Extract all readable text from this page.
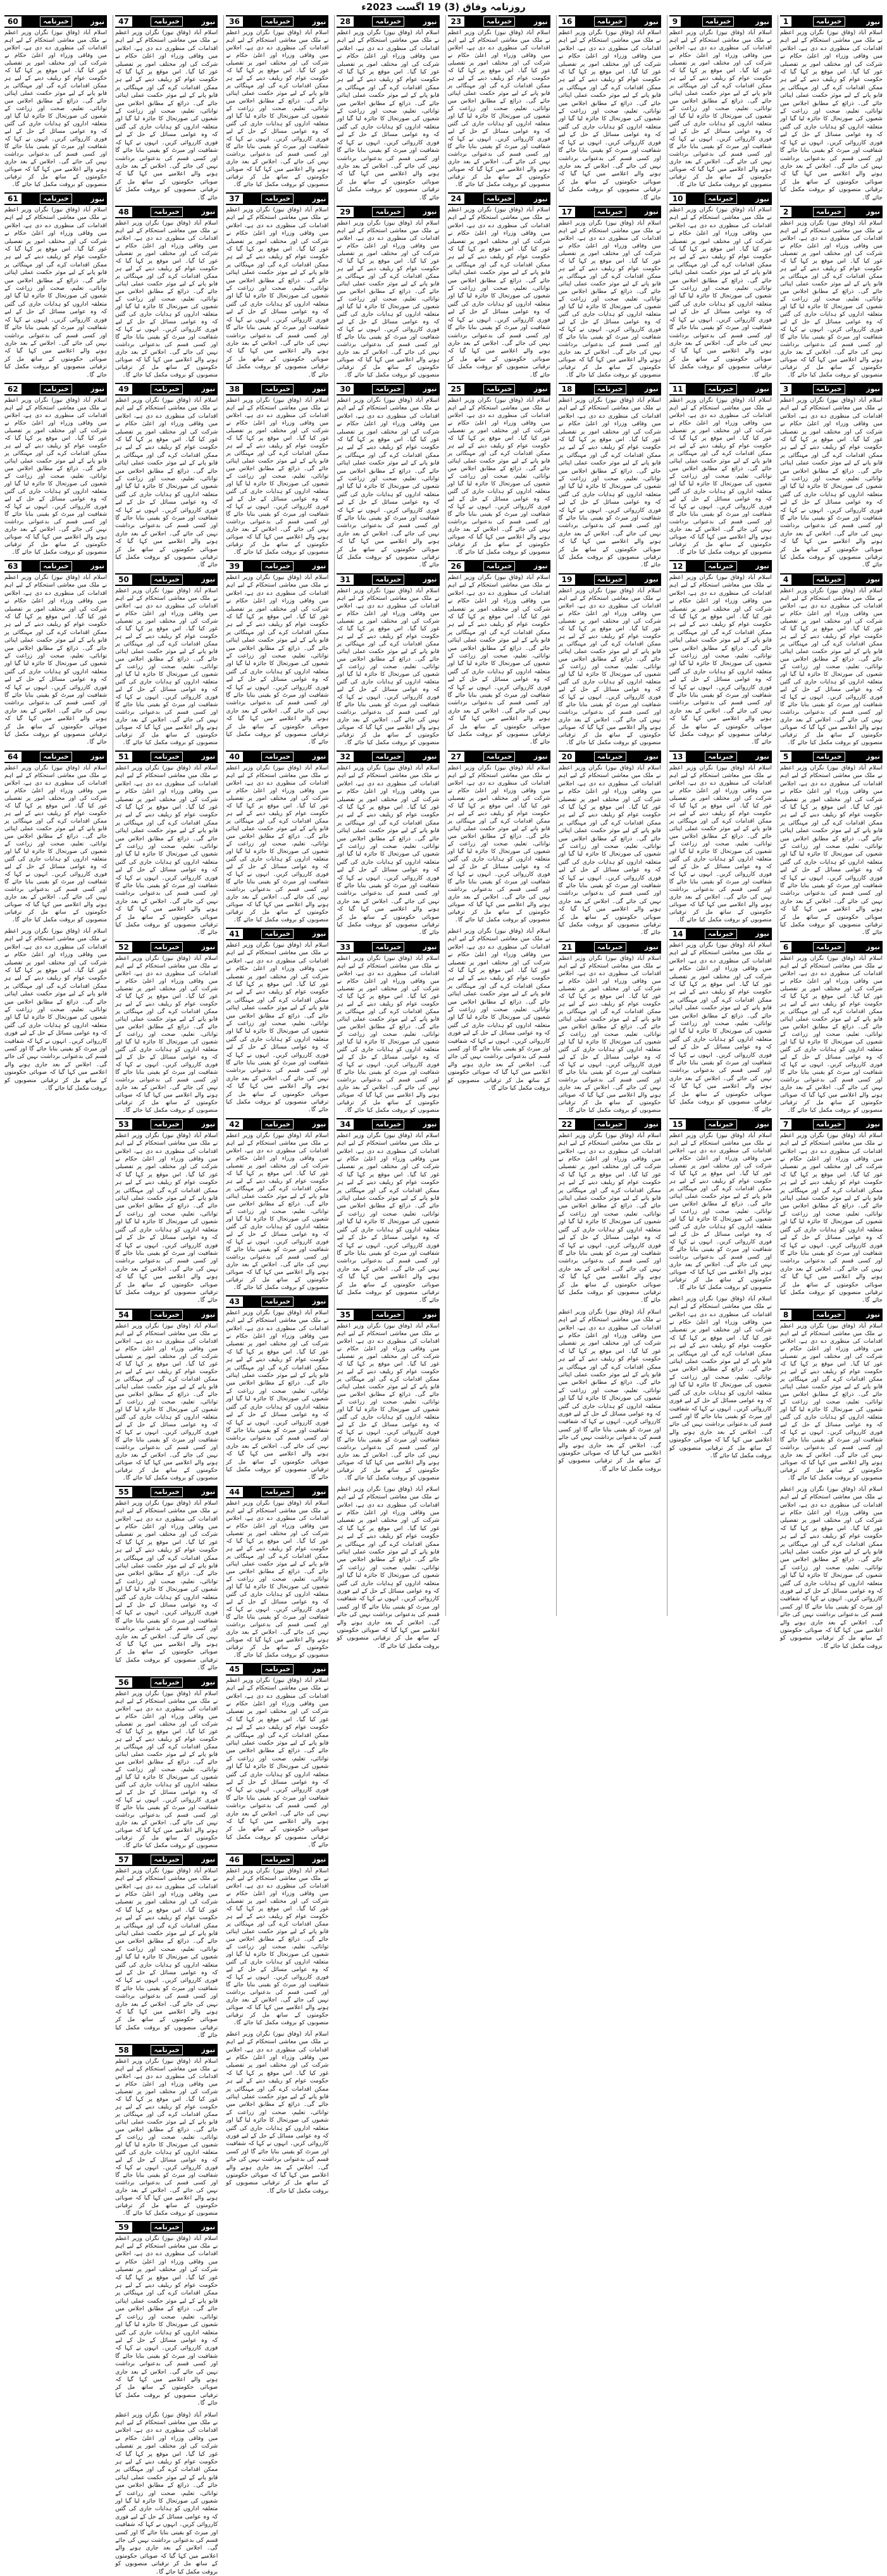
روزنامہ وفاق (3) 19 اگست 2023ء
نیوز
خبرنامہ
1
اسلام آباد (وفاق نیوز) نگران وزیر اعظم نے ملک میں معاشی استحکام کے لیے اہم اقدامات کی منظوری دے دی ہے، اجلاس میں وفاقی وزراء اور اعلیٰ حکام نے شرکت کی اور مختلف امور پر تفصیلی غور کیا گیا۔ اس موقع پر کہا گیا کہ حکومت عوام کو ریلیف دینے کے لیے ہر ممکن اقدامات کرے گی اور مہنگائی پر قابو پانے کے لیے موثر حکمت عملی اپنائی جائے گی۔ ذرائع کے مطابق اجلاس میں توانائی، تعلیم، صحت اور زراعت کے شعبوں کی صورتحال کا جائزہ لیا گیا اور متعلقہ اداروں کو ہدایات جاری کی گئیں کہ وہ عوامی مسائل کے حل کے لیے فوری کارروائی کریں۔ انہوں نے کہا کہ شفافیت اور میرٹ کو یقینی بنایا جائے گا اور کسی قسم کی بدعنوانی برداشت نہیں کی جائے گی۔ اجلاس کے بعد جاری ہونے والے اعلامیے میں کہا گیا کہ صوبائی حکومتوں کے ساتھ مل کر ترقیاتی منصوبوں کو بروقت مکمل کیا جائے گا۔
نیوز
خبرنامہ
2
اسلام آباد (وفاق نیوز) نگران وزیر اعظم نے ملک میں معاشی استحکام کے لیے اہم اقدامات کی منظوری دے دی ہے، اجلاس میں وفاقی وزراء اور اعلیٰ حکام نے شرکت کی اور مختلف امور پر تفصیلی غور کیا گیا۔ اس موقع پر کہا گیا کہ حکومت عوام کو ریلیف دینے کے لیے ہر ممکن اقدامات کرے گی اور مہنگائی پر قابو پانے کے لیے موثر حکمت عملی اپنائی جائے گی۔ ذرائع کے مطابق اجلاس میں توانائی، تعلیم، صحت اور زراعت کے شعبوں کی صورتحال کا جائزہ لیا گیا اور متعلقہ اداروں کو ہدایات جاری کی گئیں کہ وہ عوامی مسائل کے حل کے لیے فوری کارروائی کریں۔ انہوں نے کہا کہ شفافیت اور میرٹ کو یقینی بنایا جائے گا اور کسی قسم کی بدعنوانی برداشت نہیں کی جائے گی۔ اجلاس کے بعد جاری ہونے والے اعلامیے میں کہا گیا کہ صوبائی حکومتوں کے ساتھ مل کر ترقیاتی منصوبوں کو بروقت مکمل کیا جائے گا۔
نیوز
خبرنامہ
3
اسلام آباد (وفاق نیوز) نگران وزیر اعظم نے ملک میں معاشی استحکام کے لیے اہم اقدامات کی منظوری دے دی ہے، اجلاس میں وفاقی وزراء اور اعلیٰ حکام نے شرکت کی اور مختلف امور پر تفصیلی غور کیا گیا۔ اس موقع پر کہا گیا کہ حکومت عوام کو ریلیف دینے کے لیے ہر ممکن اقدامات کرے گی اور مہنگائی پر قابو پانے کے لیے موثر حکمت عملی اپنائی جائے گی۔ ذرائع کے مطابق اجلاس میں توانائی، تعلیم، صحت اور زراعت کے شعبوں کی صورتحال کا جائزہ لیا گیا اور متعلقہ اداروں کو ہدایات جاری کی گئیں کہ وہ عوامی مسائل کے حل کے لیے فوری کارروائی کریں۔ انہوں نے کہا کہ شفافیت اور میرٹ کو یقینی بنایا جائے گا اور کسی قسم کی بدعنوانی برداشت نہیں کی جائے گی۔ اجلاس کے بعد جاری ہونے والے اعلامیے میں کہا گیا کہ صوبائی حکومتوں کے ساتھ مل کر ترقیاتی منصوبوں کو بروقت مکمل کیا جائے گا۔
نیوز
خبرنامہ
4
اسلام آباد (وفاق نیوز) نگران وزیر اعظم نے ملک میں معاشی استحکام کے لیے اہم اقدامات کی منظوری دے دی ہے، اجلاس میں وفاقی وزراء اور اعلیٰ حکام نے شرکت کی اور مختلف امور پر تفصیلی غور کیا گیا۔ اس موقع پر کہا گیا کہ حکومت عوام کو ریلیف دینے کے لیے ہر ممکن اقدامات کرے گی اور مہنگائی پر قابو پانے کے لیے موثر حکمت عملی اپنائی جائے گی۔ ذرائع کے مطابق اجلاس میں توانائی، تعلیم، صحت اور زراعت کے شعبوں کی صورتحال کا جائزہ لیا گیا اور متعلقہ اداروں کو ہدایات جاری کی گئیں کہ وہ عوامی مسائل کے حل کے لیے فوری کارروائی کریں۔ انہوں نے کہا کہ شفافیت اور میرٹ کو یقینی بنایا جائے گا اور کسی قسم کی بدعنوانی برداشت نہیں کی جائے گی۔ اجلاس کے بعد جاری ہونے والے اعلامیے میں کہا گیا کہ صوبائی حکومتوں کے ساتھ مل کر ترقیاتی منصوبوں کو بروقت مکمل کیا جائے گا۔
نیوز
خبرنامہ
5
اسلام آباد (وفاق نیوز) نگران وزیر اعظم نے ملک میں معاشی استحکام کے لیے اہم اقدامات کی منظوری دے دی ہے، اجلاس میں وفاقی وزراء اور اعلیٰ حکام نے شرکت کی اور مختلف امور پر تفصیلی غور کیا گیا۔ اس موقع پر کہا گیا کہ حکومت عوام کو ریلیف دینے کے لیے ہر ممکن اقدامات کرے گی اور مہنگائی پر قابو پانے کے لیے موثر حکمت عملی اپنائی جائے گی۔ ذرائع کے مطابق اجلاس میں توانائی، تعلیم، صحت اور زراعت کے شعبوں کی صورتحال کا جائزہ لیا گیا اور متعلقہ اداروں کو ہدایات جاری کی گئیں کہ وہ عوامی مسائل کے حل کے لیے فوری کارروائی کریں۔ انہوں نے کہا کہ شفافیت اور میرٹ کو یقینی بنایا جائے گا اور کسی قسم کی بدعنوانی برداشت نہیں کی جائے گی۔ اجلاس کے بعد جاری ہونے والے اعلامیے میں کہا گیا کہ صوبائی حکومتوں کے ساتھ مل کر ترقیاتی منصوبوں کو بروقت مکمل کیا جائے گا۔
نیوز
خبرنامہ
6
اسلام آباد (وفاق نیوز) نگران وزیر اعظم نے ملک میں معاشی استحکام کے لیے اہم اقدامات کی منظوری دے دی ہے، اجلاس میں وفاقی وزراء اور اعلیٰ حکام نے شرکت کی اور مختلف امور پر تفصیلی غور کیا گیا۔ اس موقع پر کہا گیا کہ حکومت عوام کو ریلیف دینے کے لیے ہر ممکن اقدامات کرے گی اور مہنگائی پر قابو پانے کے لیے موثر حکمت عملی اپنائی جائے گی۔ ذرائع کے مطابق اجلاس میں توانائی، تعلیم، صحت اور زراعت کے شعبوں کی صورتحال کا جائزہ لیا گیا اور متعلقہ اداروں کو ہدایات جاری کی گئیں کہ وہ عوامی مسائل کے حل کے لیے فوری کارروائی کریں۔ انہوں نے کہا کہ شفافیت اور میرٹ کو یقینی بنایا جائے گا اور کسی قسم کی بدعنوانی برداشت نہیں کی جائے گی۔ اجلاس کے بعد جاری ہونے والے اعلامیے میں کہا گیا کہ صوبائی حکومتوں کے ساتھ مل کر ترقیاتی منصوبوں کو بروقت مکمل کیا جائے گا۔
نیوز
خبرنامہ
7
اسلام آباد (وفاق نیوز) نگران وزیر اعظم نے ملک میں معاشی استحکام کے لیے اہم اقدامات کی منظوری دے دی ہے، اجلاس میں وفاقی وزراء اور اعلیٰ حکام نے شرکت کی اور مختلف امور پر تفصیلی غور کیا گیا۔ اس موقع پر کہا گیا کہ حکومت عوام کو ریلیف دینے کے لیے ہر ممکن اقدامات کرے گی اور مہنگائی پر قابو پانے کے لیے موثر حکمت عملی اپنائی جائے گی۔ ذرائع کے مطابق اجلاس میں توانائی، تعلیم، صحت اور زراعت کے شعبوں کی صورتحال کا جائزہ لیا گیا اور متعلقہ اداروں کو ہدایات جاری کی گئیں کہ وہ عوامی مسائل کے حل کے لیے فوری کارروائی کریں۔ انہوں نے کہا کہ شفافیت اور میرٹ کو یقینی بنایا جائے گا اور کسی قسم کی بدعنوانی برداشت نہیں کی جائے گی۔ اجلاس کے بعد جاری ہونے والے اعلامیے میں کہا گیا کہ صوبائی حکومتوں کے ساتھ مل کر ترقیاتی منصوبوں کو بروقت مکمل کیا جائے گا۔
نیوز
خبرنامہ
8
اسلام آباد (وفاق نیوز) نگران وزیر اعظم نے ملک میں معاشی استحکام کے لیے اہم اقدامات کی منظوری دے دی ہے، اجلاس میں وفاقی وزراء اور اعلیٰ حکام نے شرکت کی اور مختلف امور پر تفصیلی غور کیا گیا۔ اس موقع پر کہا گیا کہ حکومت عوام کو ریلیف دینے کے لیے ہر ممکن اقدامات کرے گی اور مہنگائی پر قابو پانے کے لیے موثر حکمت عملی اپنائی جائے گی۔ ذرائع کے مطابق اجلاس میں توانائی، تعلیم، صحت اور زراعت کے شعبوں کی صورتحال کا جائزہ لیا گیا اور متعلقہ اداروں کو ہدایات جاری کی گئیں کہ وہ عوامی مسائل کے حل کے لیے فوری کارروائی کریں۔ انہوں نے کہا کہ شفافیت اور میرٹ کو یقینی بنایا جائے گا اور کسی قسم کی بدعنوانی برداشت نہیں کی جائے گی۔ اجلاس کے بعد جاری ہونے والے اعلامیے میں کہا گیا کہ صوبائی حکومتوں کے ساتھ مل کر ترقیاتی منصوبوں کو بروقت مکمل کیا جائے گا۔
اسلام آباد (وفاق نیوز) نگران وزیر اعظم نے ملک میں معاشی استحکام کے لیے اہم اقدامات کی منظوری دے دی ہے، اجلاس میں وفاقی وزراء اور اعلیٰ حکام نے شرکت کی اور مختلف امور پر تفصیلی غور کیا گیا۔ اس موقع پر کہا گیا کہ حکومت عوام کو ریلیف دینے کے لیے ہر ممکن اقدامات کرے گی اور مہنگائی پر قابو پانے کے لیے موثر حکمت عملی اپنائی جائے گی۔ ذرائع کے مطابق اجلاس میں توانائی، تعلیم، صحت اور زراعت کے شعبوں کی صورتحال کا جائزہ لیا گیا اور متعلقہ اداروں کو ہدایات جاری کی گئیں کہ وہ عوامی مسائل کے حل کے لیے فوری کارروائی کریں۔ انہوں نے کہا کہ شفافیت اور میرٹ کو یقینی بنایا جائے گا اور کسی قسم کی بدعنوانی برداشت نہیں کی جائے گی۔ اجلاس کے بعد جاری ہونے والے اعلامیے میں کہا گیا کہ صوبائی حکومتوں کے ساتھ مل کر ترقیاتی منصوبوں کو بروقت مکمل کیا جائے گا۔
نیوز
خبرنامہ
9
اسلام آباد (وفاق نیوز) نگران وزیر اعظم نے ملک میں معاشی استحکام کے لیے اہم اقدامات کی منظوری دے دی ہے، اجلاس میں وفاقی وزراء اور اعلیٰ حکام نے شرکت کی اور مختلف امور پر تفصیلی غور کیا گیا۔ اس موقع پر کہا گیا کہ حکومت عوام کو ریلیف دینے کے لیے ہر ممکن اقدامات کرے گی اور مہنگائی پر قابو پانے کے لیے موثر حکمت عملی اپنائی جائے گی۔ ذرائع کے مطابق اجلاس میں توانائی، تعلیم، صحت اور زراعت کے شعبوں کی صورتحال کا جائزہ لیا گیا اور متعلقہ اداروں کو ہدایات جاری کی گئیں کہ وہ عوامی مسائل کے حل کے لیے فوری کارروائی کریں۔ انہوں نے کہا کہ شفافیت اور میرٹ کو یقینی بنایا جائے گا اور کسی قسم کی بدعنوانی برداشت نہیں کی جائے گی۔ اجلاس کے بعد جاری ہونے والے اعلامیے میں کہا گیا کہ صوبائی حکومتوں کے ساتھ مل کر ترقیاتی منصوبوں کو بروقت مکمل کیا جائے گا۔
نیوز
خبرنامہ
10
اسلام آباد (وفاق نیوز) نگران وزیر اعظم نے ملک میں معاشی استحکام کے لیے اہم اقدامات کی منظوری دے دی ہے، اجلاس میں وفاقی وزراء اور اعلیٰ حکام نے شرکت کی اور مختلف امور پر تفصیلی غور کیا گیا۔ اس موقع پر کہا گیا کہ حکومت عوام کو ریلیف دینے کے لیے ہر ممکن اقدامات کرے گی اور مہنگائی پر قابو پانے کے لیے موثر حکمت عملی اپنائی جائے گی۔ ذرائع کے مطابق اجلاس میں توانائی، تعلیم، صحت اور زراعت کے شعبوں کی صورتحال کا جائزہ لیا گیا اور متعلقہ اداروں کو ہدایات جاری کی گئیں کہ وہ عوامی مسائل کے حل کے لیے فوری کارروائی کریں۔ انہوں نے کہا کہ شفافیت اور میرٹ کو یقینی بنایا جائے گا اور کسی قسم کی بدعنوانی برداشت نہیں کی جائے گی۔ اجلاس کے بعد جاری ہونے والے اعلامیے میں کہا گیا کہ صوبائی حکومتوں کے ساتھ مل کر ترقیاتی منصوبوں کو بروقت مکمل کیا جائے گا۔
نیوز
خبرنامہ
11
اسلام آباد (وفاق نیوز) نگران وزیر اعظم نے ملک میں معاشی استحکام کے لیے اہم اقدامات کی منظوری دے دی ہے، اجلاس میں وفاقی وزراء اور اعلیٰ حکام نے شرکت کی اور مختلف امور پر تفصیلی غور کیا گیا۔ اس موقع پر کہا گیا کہ حکومت عوام کو ریلیف دینے کے لیے ہر ممکن اقدامات کرے گی اور مہنگائی پر قابو پانے کے لیے موثر حکمت عملی اپنائی جائے گی۔ ذرائع کے مطابق اجلاس میں توانائی، تعلیم، صحت اور زراعت کے شعبوں کی صورتحال کا جائزہ لیا گیا اور متعلقہ اداروں کو ہدایات جاری کی گئیں کہ وہ عوامی مسائل کے حل کے لیے فوری کارروائی کریں۔ انہوں نے کہا کہ شفافیت اور میرٹ کو یقینی بنایا جائے گا اور کسی قسم کی بدعنوانی برداشت نہیں کی جائے گی۔ اجلاس کے بعد جاری ہونے والے اعلامیے میں کہا گیا کہ صوبائی حکومتوں کے ساتھ مل کر ترقیاتی منصوبوں کو بروقت مکمل کیا جائے گا۔
نیوز
خبرنامہ
12
اسلام آباد (وفاق نیوز) نگران وزیر اعظم نے ملک میں معاشی استحکام کے لیے اہم اقدامات کی منظوری دے دی ہے، اجلاس میں وفاقی وزراء اور اعلیٰ حکام نے شرکت کی اور مختلف امور پر تفصیلی غور کیا گیا۔ اس موقع پر کہا گیا کہ حکومت عوام کو ریلیف دینے کے لیے ہر ممکن اقدامات کرے گی اور مہنگائی پر قابو پانے کے لیے موثر حکمت عملی اپنائی جائے گی۔ ذرائع کے مطابق اجلاس میں توانائی، تعلیم، صحت اور زراعت کے شعبوں کی صورتحال کا جائزہ لیا گیا اور متعلقہ اداروں کو ہدایات جاری کی گئیں کہ وہ عوامی مسائل کے حل کے لیے فوری کارروائی کریں۔ انہوں نے کہا کہ شفافیت اور میرٹ کو یقینی بنایا جائے گا اور کسی قسم کی بدعنوانی برداشت نہیں کی جائے گی۔ اجلاس کے بعد جاری ہونے والے اعلامیے میں کہا گیا کہ صوبائی حکومتوں کے ساتھ مل کر ترقیاتی منصوبوں کو بروقت مکمل کیا جائے گا۔
نیوز
خبرنامہ
13
اسلام آباد (وفاق نیوز) نگران وزیر اعظم نے ملک میں معاشی استحکام کے لیے اہم اقدامات کی منظوری دے دی ہے، اجلاس میں وفاقی وزراء اور اعلیٰ حکام نے شرکت کی اور مختلف امور پر تفصیلی غور کیا گیا۔ اس موقع پر کہا گیا کہ حکومت عوام کو ریلیف دینے کے لیے ہر ممکن اقدامات کرے گی اور مہنگائی پر قابو پانے کے لیے موثر حکمت عملی اپنائی جائے گی۔ ذرائع کے مطابق اجلاس میں توانائی، تعلیم، صحت اور زراعت کے شعبوں کی صورتحال کا جائزہ لیا گیا اور متعلقہ اداروں کو ہدایات جاری کی گئیں کہ وہ عوامی مسائل کے حل کے لیے فوری کارروائی کریں۔ انہوں نے کہا کہ شفافیت اور میرٹ کو یقینی بنایا جائے گا اور کسی قسم کی بدعنوانی برداشت نہیں کی جائے گی۔ اجلاس کے بعد جاری ہونے والے اعلامیے میں کہا گیا کہ صوبائی حکومتوں کے ساتھ مل کر ترقیاتی منصوبوں کو بروقت مکمل کیا جائے گا۔
نیوز
خبرنامہ
14
اسلام آباد (وفاق نیوز) نگران وزیر اعظم نے ملک میں معاشی استحکام کے لیے اہم اقدامات کی منظوری دے دی ہے، اجلاس میں وفاقی وزراء اور اعلیٰ حکام نے شرکت کی اور مختلف امور پر تفصیلی غور کیا گیا۔ اس موقع پر کہا گیا کہ حکومت عوام کو ریلیف دینے کے لیے ہر ممکن اقدامات کرے گی اور مہنگائی پر قابو پانے کے لیے موثر حکمت عملی اپنائی جائے گی۔ ذرائع کے مطابق اجلاس میں توانائی، تعلیم، صحت اور زراعت کے شعبوں کی صورتحال کا جائزہ لیا گیا اور متعلقہ اداروں کو ہدایات جاری کی گئیں کہ وہ عوامی مسائل کے حل کے لیے فوری کارروائی کریں۔ انہوں نے کہا کہ شفافیت اور میرٹ کو یقینی بنایا جائے گا اور کسی قسم کی بدعنوانی برداشت نہیں کی جائے گی۔ اجلاس کے بعد جاری ہونے والے اعلامیے میں کہا گیا کہ صوبائی حکومتوں کے ساتھ مل کر ترقیاتی منصوبوں کو بروقت مکمل کیا جائے گا۔
نیوز
خبرنامہ
15
اسلام آباد (وفاق نیوز) نگران وزیر اعظم نے ملک میں معاشی استحکام کے لیے اہم اقدامات کی منظوری دے دی ہے، اجلاس میں وفاقی وزراء اور اعلیٰ حکام نے شرکت کی اور مختلف امور پر تفصیلی غور کیا گیا۔ اس موقع پر کہا گیا کہ حکومت عوام کو ریلیف دینے کے لیے ہر ممکن اقدامات کرے گی اور مہنگائی پر قابو پانے کے لیے موثر حکمت عملی اپنائی جائے گی۔ ذرائع کے مطابق اجلاس میں توانائی، تعلیم، صحت اور زراعت کے شعبوں کی صورتحال کا جائزہ لیا گیا اور متعلقہ اداروں کو ہدایات جاری کی گئیں کہ وہ عوامی مسائل کے حل کے لیے فوری کارروائی کریں۔ انہوں نے کہا کہ شفافیت اور میرٹ کو یقینی بنایا جائے گا اور کسی قسم کی بدعنوانی برداشت نہیں کی جائے گی۔ اجلاس کے بعد جاری ہونے والے اعلامیے میں کہا گیا کہ صوبائی حکومتوں کے ساتھ مل کر ترقیاتی منصوبوں کو بروقت مکمل کیا جائے گا۔
اسلام آباد (وفاق نیوز) نگران وزیر اعظم نے ملک میں معاشی استحکام کے لیے اہم اقدامات کی منظوری دے دی ہے، اجلاس میں وفاقی وزراء اور اعلیٰ حکام نے شرکت کی اور مختلف امور پر تفصیلی غور کیا گیا۔ اس موقع پر کہا گیا کہ حکومت عوام کو ریلیف دینے کے لیے ہر ممکن اقدامات کرے گی اور مہنگائی پر قابو پانے کے لیے موثر حکمت عملی اپنائی جائے گی۔ ذرائع کے مطابق اجلاس میں توانائی، تعلیم، صحت اور زراعت کے شعبوں کی صورتحال کا جائزہ لیا گیا اور متعلقہ اداروں کو ہدایات جاری کی گئیں کہ وہ عوامی مسائل کے حل کے لیے فوری کارروائی کریں۔ انہوں نے کہا کہ شفافیت اور میرٹ کو یقینی بنایا جائے گا اور کسی قسم کی بدعنوانی برداشت نہیں کی جائے گی۔ اجلاس کے بعد جاری ہونے والے اعلامیے میں کہا گیا کہ صوبائی حکومتوں کے ساتھ مل کر ترقیاتی منصوبوں کو بروقت مکمل کیا جائے گا۔
نیوز
خبرنامہ
16
اسلام آباد (وفاق نیوز) نگران وزیر اعظم نے ملک میں معاشی استحکام کے لیے اہم اقدامات کی منظوری دے دی ہے، اجلاس میں وفاقی وزراء اور اعلیٰ حکام نے شرکت کی اور مختلف امور پر تفصیلی غور کیا گیا۔ اس موقع پر کہا گیا کہ حکومت عوام کو ریلیف دینے کے لیے ہر ممکن اقدامات کرے گی اور مہنگائی پر قابو پانے کے لیے موثر حکمت عملی اپنائی جائے گی۔ ذرائع کے مطابق اجلاس میں توانائی، تعلیم، صحت اور زراعت کے شعبوں کی صورتحال کا جائزہ لیا گیا اور متعلقہ اداروں کو ہدایات جاری کی گئیں کہ وہ عوامی مسائل کے حل کے لیے فوری کارروائی کریں۔ انہوں نے کہا کہ شفافیت اور میرٹ کو یقینی بنایا جائے گا اور کسی قسم کی بدعنوانی برداشت نہیں کی جائے گی۔ اجلاس کے بعد جاری ہونے والے اعلامیے میں کہا گیا کہ صوبائی حکومتوں کے ساتھ مل کر ترقیاتی منصوبوں کو بروقت مکمل کیا جائے گا۔
نیوز
خبرنامہ
17
اسلام آباد (وفاق نیوز) نگران وزیر اعظم نے ملک میں معاشی استحکام کے لیے اہم اقدامات کی منظوری دے دی ہے، اجلاس میں وفاقی وزراء اور اعلیٰ حکام نے شرکت کی اور مختلف امور پر تفصیلی غور کیا گیا۔ اس موقع پر کہا گیا کہ حکومت عوام کو ریلیف دینے کے لیے ہر ممکن اقدامات کرے گی اور مہنگائی پر قابو پانے کے لیے موثر حکمت عملی اپنائی جائے گی۔ ذرائع کے مطابق اجلاس میں توانائی، تعلیم، صحت اور زراعت کے شعبوں کی صورتحال کا جائزہ لیا گیا اور متعلقہ اداروں کو ہدایات جاری کی گئیں کہ وہ عوامی مسائل کے حل کے لیے فوری کارروائی کریں۔ انہوں نے کہا کہ شفافیت اور میرٹ کو یقینی بنایا جائے گا اور کسی قسم کی بدعنوانی برداشت نہیں کی جائے گی۔ اجلاس کے بعد جاری ہونے والے اعلامیے میں کہا گیا کہ صوبائی حکومتوں کے ساتھ مل کر ترقیاتی منصوبوں کو بروقت مکمل کیا جائے گا۔
نیوز
خبرنامہ
18
اسلام آباد (وفاق نیوز) نگران وزیر اعظم نے ملک میں معاشی استحکام کے لیے اہم اقدامات کی منظوری دے دی ہے، اجلاس میں وفاقی وزراء اور اعلیٰ حکام نے شرکت کی اور مختلف امور پر تفصیلی غور کیا گیا۔ اس موقع پر کہا گیا کہ حکومت عوام کو ریلیف دینے کے لیے ہر ممکن اقدامات کرے گی اور مہنگائی پر قابو پانے کے لیے موثر حکمت عملی اپنائی جائے گی۔ ذرائع کے مطابق اجلاس میں توانائی، تعلیم، صحت اور زراعت کے شعبوں کی صورتحال کا جائزہ لیا گیا اور متعلقہ اداروں کو ہدایات جاری کی گئیں کہ وہ عوامی مسائل کے حل کے لیے فوری کارروائی کریں۔ انہوں نے کہا کہ شفافیت اور میرٹ کو یقینی بنایا جائے گا اور کسی قسم کی بدعنوانی برداشت نہیں کی جائے گی۔ اجلاس کے بعد جاری ہونے والے اعلامیے میں کہا گیا کہ صوبائی حکومتوں کے ساتھ مل کر ترقیاتی منصوبوں کو بروقت مکمل کیا جائے گا۔
نیوز
خبرنامہ
19
اسلام آباد (وفاق نیوز) نگران وزیر اعظم نے ملک میں معاشی استحکام کے لیے اہم اقدامات کی منظوری دے دی ہے، اجلاس میں وفاقی وزراء اور اعلیٰ حکام نے شرکت کی اور مختلف امور پر تفصیلی غور کیا گیا۔ اس موقع پر کہا گیا کہ حکومت عوام کو ریلیف دینے کے لیے ہر ممکن اقدامات کرے گی اور مہنگائی پر قابو پانے کے لیے موثر حکمت عملی اپنائی جائے گی۔ ذرائع کے مطابق اجلاس میں توانائی، تعلیم، صحت اور زراعت کے شعبوں کی صورتحال کا جائزہ لیا گیا اور متعلقہ اداروں کو ہدایات جاری کی گئیں کہ وہ عوامی مسائل کے حل کے لیے فوری کارروائی کریں۔ انہوں نے کہا کہ شفافیت اور میرٹ کو یقینی بنایا جائے گا اور کسی قسم کی بدعنوانی برداشت نہیں کی جائے گی۔ اجلاس کے بعد جاری ہونے والے اعلامیے میں کہا گیا کہ صوبائی حکومتوں کے ساتھ مل کر ترقیاتی منصوبوں کو بروقت مکمل کیا جائے گا۔
نیوز
خبرنامہ
20
اسلام آباد (وفاق نیوز) نگران وزیر اعظم نے ملک میں معاشی استحکام کے لیے اہم اقدامات کی منظوری دے دی ہے، اجلاس میں وفاقی وزراء اور اعلیٰ حکام نے شرکت کی اور مختلف امور پر تفصیلی غور کیا گیا۔ اس موقع پر کہا گیا کہ حکومت عوام کو ریلیف دینے کے لیے ہر ممکن اقدامات کرے گی اور مہنگائی پر قابو پانے کے لیے موثر حکمت عملی اپنائی جائے گی۔ ذرائع کے مطابق اجلاس میں توانائی، تعلیم، صحت اور زراعت کے شعبوں کی صورتحال کا جائزہ لیا گیا اور متعلقہ اداروں کو ہدایات جاری کی گئیں کہ وہ عوامی مسائل کے حل کے لیے فوری کارروائی کریں۔ انہوں نے کہا کہ شفافیت اور میرٹ کو یقینی بنایا جائے گا اور کسی قسم کی بدعنوانی برداشت نہیں کی جائے گی۔ اجلاس کے بعد جاری ہونے والے اعلامیے میں کہا گیا کہ صوبائی حکومتوں کے ساتھ مل کر ترقیاتی منصوبوں کو بروقت مکمل کیا جائے گا۔
نیوز
خبرنامہ
21
اسلام آباد (وفاق نیوز) نگران وزیر اعظم نے ملک میں معاشی استحکام کے لیے اہم اقدامات کی منظوری دے دی ہے، اجلاس میں وفاقی وزراء اور اعلیٰ حکام نے شرکت کی اور مختلف امور پر تفصیلی غور کیا گیا۔ اس موقع پر کہا گیا کہ حکومت عوام کو ریلیف دینے کے لیے ہر ممکن اقدامات کرے گی اور مہنگائی پر قابو پانے کے لیے موثر حکمت عملی اپنائی جائے گی۔ ذرائع کے مطابق اجلاس میں توانائی، تعلیم، صحت اور زراعت کے شعبوں کی صورتحال کا جائزہ لیا گیا اور متعلقہ اداروں کو ہدایات جاری کی گئیں کہ وہ عوامی مسائل کے حل کے لیے فوری کارروائی کریں۔ انہوں نے کہا کہ شفافیت اور میرٹ کو یقینی بنایا جائے گا اور کسی قسم کی بدعنوانی برداشت نہیں کی جائے گی۔ اجلاس کے بعد جاری ہونے والے اعلامیے میں کہا گیا کہ صوبائی حکومتوں کے ساتھ مل کر ترقیاتی منصوبوں کو بروقت مکمل کیا جائے گا۔
نیوز
خبرنامہ
22
اسلام آباد (وفاق نیوز) نگران وزیر اعظم نے ملک میں معاشی استحکام کے لیے اہم اقدامات کی منظوری دے دی ہے، اجلاس میں وفاقی وزراء اور اعلیٰ حکام نے شرکت کی اور مختلف امور پر تفصیلی غور کیا گیا۔ اس موقع پر کہا گیا کہ حکومت عوام کو ریلیف دینے کے لیے ہر ممکن اقدامات کرے گی اور مہنگائی پر قابو پانے کے لیے موثر حکمت عملی اپنائی جائے گی۔ ذرائع کے مطابق اجلاس میں توانائی، تعلیم، صحت اور زراعت کے شعبوں کی صورتحال کا جائزہ لیا گیا اور متعلقہ اداروں کو ہدایات جاری کی گئیں کہ وہ عوامی مسائل کے حل کے لیے فوری کارروائی کریں۔ انہوں نے کہا کہ شفافیت اور میرٹ کو یقینی بنایا جائے گا اور کسی قسم کی بدعنوانی برداشت نہیں کی جائے گی۔ اجلاس کے بعد جاری ہونے والے اعلامیے میں کہا گیا کہ صوبائی حکومتوں کے ساتھ مل کر ترقیاتی منصوبوں کو بروقت مکمل کیا جائے گا۔
اسلام آباد (وفاق نیوز) نگران وزیر اعظم نے ملک میں معاشی استحکام کے لیے اہم اقدامات کی منظوری دے دی ہے، اجلاس میں وفاقی وزراء اور اعلیٰ حکام نے شرکت کی اور مختلف امور پر تفصیلی غور کیا گیا۔ اس موقع پر کہا گیا کہ حکومت عوام کو ریلیف دینے کے لیے ہر ممکن اقدامات کرے گی اور مہنگائی پر قابو پانے کے لیے موثر حکمت عملی اپنائی جائے گی۔ ذرائع کے مطابق اجلاس میں توانائی، تعلیم، صحت اور زراعت کے شعبوں کی صورتحال کا جائزہ لیا گیا اور متعلقہ اداروں کو ہدایات جاری کی گئیں کہ وہ عوامی مسائل کے حل کے لیے فوری کارروائی کریں۔ انہوں نے کہا کہ شفافیت اور میرٹ کو یقینی بنایا جائے گا اور کسی قسم کی بدعنوانی برداشت نہیں کی جائے گی۔ اجلاس کے بعد جاری ہونے والے اعلامیے میں کہا گیا کہ صوبائی حکومتوں کے ساتھ مل کر ترقیاتی منصوبوں کو بروقت مکمل کیا جائے گا۔
نیوز
خبرنامہ
23
اسلام آباد (وفاق نیوز) نگران وزیر اعظم نے ملک میں معاشی استحکام کے لیے اہم اقدامات کی منظوری دے دی ہے، اجلاس میں وفاقی وزراء اور اعلیٰ حکام نے شرکت کی اور مختلف امور پر تفصیلی غور کیا گیا۔ اس موقع پر کہا گیا کہ حکومت عوام کو ریلیف دینے کے لیے ہر ممکن اقدامات کرے گی اور مہنگائی پر قابو پانے کے لیے موثر حکمت عملی اپنائی جائے گی۔ ذرائع کے مطابق اجلاس میں توانائی، تعلیم، صحت اور زراعت کے شعبوں کی صورتحال کا جائزہ لیا گیا اور متعلقہ اداروں کو ہدایات جاری کی گئیں کہ وہ عوامی مسائل کے حل کے لیے فوری کارروائی کریں۔ انہوں نے کہا کہ شفافیت اور میرٹ کو یقینی بنایا جائے گا اور کسی قسم کی بدعنوانی برداشت نہیں کی جائے گی۔ اجلاس کے بعد جاری ہونے والے اعلامیے میں کہا گیا کہ صوبائی حکومتوں کے ساتھ مل کر ترقیاتی منصوبوں کو بروقت مکمل کیا جائے گا۔
نیوز
خبرنامہ
24
اسلام آباد (وفاق نیوز) نگران وزیر اعظم نے ملک میں معاشی استحکام کے لیے اہم اقدامات کی منظوری دے دی ہے، اجلاس میں وفاقی وزراء اور اعلیٰ حکام نے شرکت کی اور مختلف امور پر تفصیلی غور کیا گیا۔ اس موقع پر کہا گیا کہ حکومت عوام کو ریلیف دینے کے لیے ہر ممکن اقدامات کرے گی اور مہنگائی پر قابو پانے کے لیے موثر حکمت عملی اپنائی جائے گی۔ ذرائع کے مطابق اجلاس میں توانائی، تعلیم، صحت اور زراعت کے شعبوں کی صورتحال کا جائزہ لیا گیا اور متعلقہ اداروں کو ہدایات جاری کی گئیں کہ وہ عوامی مسائل کے حل کے لیے فوری کارروائی کریں۔ انہوں نے کہا کہ شفافیت اور میرٹ کو یقینی بنایا جائے گا اور کسی قسم کی بدعنوانی برداشت نہیں کی جائے گی۔ اجلاس کے بعد جاری ہونے والے اعلامیے میں کہا گیا کہ صوبائی حکومتوں کے ساتھ مل کر ترقیاتی منصوبوں کو بروقت مکمل کیا جائے گا۔
نیوز
خبرنامہ
25
اسلام آباد (وفاق نیوز) نگران وزیر اعظم نے ملک میں معاشی استحکام کے لیے اہم اقدامات کی منظوری دے دی ہے، اجلاس میں وفاقی وزراء اور اعلیٰ حکام نے شرکت کی اور مختلف امور پر تفصیلی غور کیا گیا۔ اس موقع پر کہا گیا کہ حکومت عوام کو ریلیف دینے کے لیے ہر ممکن اقدامات کرے گی اور مہنگائی پر قابو پانے کے لیے موثر حکمت عملی اپنائی جائے گی۔ ذرائع کے مطابق اجلاس میں توانائی، تعلیم، صحت اور زراعت کے شعبوں کی صورتحال کا جائزہ لیا گیا اور متعلقہ اداروں کو ہدایات جاری کی گئیں کہ وہ عوامی مسائل کے حل کے لیے فوری کارروائی کریں۔ انہوں نے کہا کہ شفافیت اور میرٹ کو یقینی بنایا جائے گا اور کسی قسم کی بدعنوانی برداشت نہیں کی جائے گی۔ اجلاس کے بعد جاری ہونے والے اعلامیے میں کہا گیا کہ صوبائی حکومتوں کے ساتھ مل کر ترقیاتی منصوبوں کو بروقت مکمل کیا جائے گا۔
نیوز
خبرنامہ
26
اسلام آباد (وفاق نیوز) نگران وزیر اعظم نے ملک میں معاشی استحکام کے لیے اہم اقدامات کی منظوری دے دی ہے، اجلاس میں وفاقی وزراء اور اعلیٰ حکام نے شرکت کی اور مختلف امور پر تفصیلی غور کیا گیا۔ اس موقع پر کہا گیا کہ حکومت عوام کو ریلیف دینے کے لیے ہر ممکن اقدامات کرے گی اور مہنگائی پر قابو پانے کے لیے موثر حکمت عملی اپنائی جائے گی۔ ذرائع کے مطابق اجلاس میں توانائی، تعلیم، صحت اور زراعت کے شعبوں کی صورتحال کا جائزہ لیا گیا اور متعلقہ اداروں کو ہدایات جاری کی گئیں کہ وہ عوامی مسائل کے حل کے لیے فوری کارروائی کریں۔ انہوں نے کہا کہ شفافیت اور میرٹ کو یقینی بنایا جائے گا اور کسی قسم کی بدعنوانی برداشت نہیں کی جائے گی۔ اجلاس کے بعد جاری ہونے والے اعلامیے میں کہا گیا کہ صوبائی حکومتوں کے ساتھ مل کر ترقیاتی منصوبوں کو بروقت مکمل کیا جائے گا۔
نیوز
خبرنامہ
27
اسلام آباد (وفاق نیوز) نگران وزیر اعظم نے ملک میں معاشی استحکام کے لیے اہم اقدامات کی منظوری دے دی ہے، اجلاس میں وفاقی وزراء اور اعلیٰ حکام نے شرکت کی اور مختلف امور پر تفصیلی غور کیا گیا۔ اس موقع پر کہا گیا کہ حکومت عوام کو ریلیف دینے کے لیے ہر ممکن اقدامات کرے گی اور مہنگائی پر قابو پانے کے لیے موثر حکمت عملی اپنائی جائے گی۔ ذرائع کے مطابق اجلاس میں توانائی، تعلیم، صحت اور زراعت کے شعبوں کی صورتحال کا جائزہ لیا گیا اور متعلقہ اداروں کو ہدایات جاری کی گئیں کہ وہ عوامی مسائل کے حل کے لیے فوری کارروائی کریں۔ انہوں نے کہا کہ شفافیت اور میرٹ کو یقینی بنایا جائے گا اور کسی قسم کی بدعنوانی برداشت نہیں کی جائے گی۔ اجلاس کے بعد جاری ہونے والے اعلامیے میں کہا گیا کہ صوبائی حکومتوں کے ساتھ مل کر ترقیاتی منصوبوں کو بروقت مکمل کیا جائے گا۔
اسلام آباد (وفاق نیوز) نگران وزیر اعظم نے ملک میں معاشی استحکام کے لیے اہم اقدامات کی منظوری دے دی ہے، اجلاس میں وفاقی وزراء اور اعلیٰ حکام نے شرکت کی اور مختلف امور پر تفصیلی غور کیا گیا۔ اس موقع پر کہا گیا کہ حکومت عوام کو ریلیف دینے کے لیے ہر ممکن اقدامات کرے گی اور مہنگائی پر قابو پانے کے لیے موثر حکمت عملی اپنائی جائے گی۔ ذرائع کے مطابق اجلاس میں توانائی، تعلیم، صحت اور زراعت کے شعبوں کی صورتحال کا جائزہ لیا گیا اور متعلقہ اداروں کو ہدایات جاری کی گئیں کہ وہ عوامی مسائل کے حل کے لیے فوری کارروائی کریں۔ انہوں نے کہا کہ شفافیت اور میرٹ کو یقینی بنایا جائے گا اور کسی قسم کی بدعنوانی برداشت نہیں کی جائے گی۔ اجلاس کے بعد جاری ہونے والے اعلامیے میں کہا گیا کہ صوبائی حکومتوں کے ساتھ مل کر ترقیاتی منصوبوں کو بروقت مکمل کیا جائے گا۔
نیوز
خبرنامہ
28
اسلام آباد (وفاق نیوز) نگران وزیر اعظم نے ملک میں معاشی استحکام کے لیے اہم اقدامات کی منظوری دے دی ہے، اجلاس میں وفاقی وزراء اور اعلیٰ حکام نے شرکت کی اور مختلف امور پر تفصیلی غور کیا گیا۔ اس موقع پر کہا گیا کہ حکومت عوام کو ریلیف دینے کے لیے ہر ممکن اقدامات کرے گی اور مہنگائی پر قابو پانے کے لیے موثر حکمت عملی اپنائی جائے گی۔ ذرائع کے مطابق اجلاس میں توانائی، تعلیم، صحت اور زراعت کے شعبوں کی صورتحال کا جائزہ لیا گیا اور متعلقہ اداروں کو ہدایات جاری کی گئیں کہ وہ عوامی مسائل کے حل کے لیے فوری کارروائی کریں۔ انہوں نے کہا کہ شفافیت اور میرٹ کو یقینی بنایا جائے گا اور کسی قسم کی بدعنوانی برداشت نہیں کی جائے گی۔ اجلاس کے بعد جاری ہونے والے اعلامیے میں کہا گیا کہ صوبائی حکومتوں کے ساتھ مل کر ترقیاتی منصوبوں کو بروقت مکمل کیا جائے گا۔
نیوز
خبرنامہ
29
اسلام آباد (وفاق نیوز) نگران وزیر اعظم نے ملک میں معاشی استحکام کے لیے اہم اقدامات کی منظوری دے دی ہے، اجلاس میں وفاقی وزراء اور اعلیٰ حکام نے شرکت کی اور مختلف امور پر تفصیلی غور کیا گیا۔ اس موقع پر کہا گیا کہ حکومت عوام کو ریلیف دینے کے لیے ہر ممکن اقدامات کرے گی اور مہنگائی پر قابو پانے کے لیے موثر حکمت عملی اپنائی جائے گی۔ ذرائع کے مطابق اجلاس میں توانائی، تعلیم، صحت اور زراعت کے شعبوں کی صورتحال کا جائزہ لیا گیا اور متعلقہ اداروں کو ہدایات جاری کی گئیں کہ وہ عوامی مسائل کے حل کے لیے فوری کارروائی کریں۔ انہوں نے کہا کہ شفافیت اور میرٹ کو یقینی بنایا جائے گا اور کسی قسم کی بدعنوانی برداشت نہیں کی جائے گی۔ اجلاس کے بعد جاری ہونے والے اعلامیے میں کہا گیا کہ صوبائی حکومتوں کے ساتھ مل کر ترقیاتی منصوبوں کو بروقت مکمل کیا جائے گا۔
نیوز
خبرنامہ
30
اسلام آباد (وفاق نیوز) نگران وزیر اعظم نے ملک میں معاشی استحکام کے لیے اہم اقدامات کی منظوری دے دی ہے، اجلاس میں وفاقی وزراء اور اعلیٰ حکام نے شرکت کی اور مختلف امور پر تفصیلی غور کیا گیا۔ اس موقع پر کہا گیا کہ حکومت عوام کو ریلیف دینے کے لیے ہر ممکن اقدامات کرے گی اور مہنگائی پر قابو پانے کے لیے موثر حکمت عملی اپنائی جائے گی۔ ذرائع کے مطابق اجلاس میں توانائی، تعلیم، صحت اور زراعت کے شعبوں کی صورتحال کا جائزہ لیا گیا اور متعلقہ اداروں کو ہدایات جاری کی گئیں کہ وہ عوامی مسائل کے حل کے لیے فوری کارروائی کریں۔ انہوں نے کہا کہ شفافیت اور میرٹ کو یقینی بنایا جائے گا اور کسی قسم کی بدعنوانی برداشت نہیں کی جائے گی۔ اجلاس کے بعد جاری ہونے والے اعلامیے میں کہا گیا کہ صوبائی حکومتوں کے ساتھ مل کر ترقیاتی منصوبوں کو بروقت مکمل کیا جائے گا۔
نیوز
خبرنامہ
31
اسلام آباد (وفاق نیوز) نگران وزیر اعظم نے ملک میں معاشی استحکام کے لیے اہم اقدامات کی منظوری دے دی ہے، اجلاس میں وفاقی وزراء اور اعلیٰ حکام نے شرکت کی اور مختلف امور پر تفصیلی غور کیا گیا۔ اس موقع پر کہا گیا کہ حکومت عوام کو ریلیف دینے کے لیے ہر ممکن اقدامات کرے گی اور مہنگائی پر قابو پانے کے لیے موثر حکمت عملی اپنائی جائے گی۔ ذرائع کے مطابق اجلاس میں توانائی، تعلیم، صحت اور زراعت کے شعبوں کی صورتحال کا جائزہ لیا گیا اور متعلقہ اداروں کو ہدایات جاری کی گئیں کہ وہ عوامی مسائل کے حل کے لیے فوری کارروائی کریں۔ انہوں نے کہا کہ شفافیت اور میرٹ کو یقینی بنایا جائے گا اور کسی قسم کی بدعنوانی برداشت نہیں کی جائے گی۔ اجلاس کے بعد جاری ہونے والے اعلامیے میں کہا گیا کہ صوبائی حکومتوں کے ساتھ مل کر ترقیاتی منصوبوں کو بروقت مکمل کیا جائے گا۔
نیوز
خبرنامہ
32
اسلام آباد (وفاق نیوز) نگران وزیر اعظم نے ملک میں معاشی استحکام کے لیے اہم اقدامات کی منظوری دے دی ہے، اجلاس میں وفاقی وزراء اور اعلیٰ حکام نے شرکت کی اور مختلف امور پر تفصیلی غور کیا گیا۔ اس موقع پر کہا گیا کہ حکومت عوام کو ریلیف دینے کے لیے ہر ممکن اقدامات کرے گی اور مہنگائی پر قابو پانے کے لیے موثر حکمت عملی اپنائی جائے گی۔ ذرائع کے مطابق اجلاس میں توانائی، تعلیم، صحت اور زراعت کے شعبوں کی صورتحال کا جائزہ لیا گیا اور متعلقہ اداروں کو ہدایات جاری کی گئیں کہ وہ عوامی مسائل کے حل کے لیے فوری کارروائی کریں۔ انہوں نے کہا کہ شفافیت اور میرٹ کو یقینی بنایا جائے گا اور کسی قسم کی بدعنوانی برداشت نہیں کی جائے گی۔ اجلاس کے بعد جاری ہونے والے اعلامیے میں کہا گیا کہ صوبائی حکومتوں کے ساتھ مل کر ترقیاتی منصوبوں کو بروقت مکمل کیا جائے گا۔
نیوز
خبرنامہ
33
اسلام آباد (وفاق نیوز) نگران وزیر اعظم نے ملک میں معاشی استحکام کے لیے اہم اقدامات کی منظوری دے دی ہے، اجلاس میں وفاقی وزراء اور اعلیٰ حکام نے شرکت کی اور مختلف امور پر تفصیلی غور کیا گیا۔ اس موقع پر کہا گیا کہ حکومت عوام کو ریلیف دینے کے لیے ہر ممکن اقدامات کرے گی اور مہنگائی پر قابو پانے کے لیے موثر حکمت عملی اپنائی جائے گی۔ ذرائع کے مطابق اجلاس میں توانائی، تعلیم، صحت اور زراعت کے شعبوں کی صورتحال کا جائزہ لیا گیا اور متعلقہ اداروں کو ہدایات جاری کی گئیں کہ وہ عوامی مسائل کے حل کے لیے فوری کارروائی کریں۔ انہوں نے کہا کہ شفافیت اور میرٹ کو یقینی بنایا جائے گا اور کسی قسم کی بدعنوانی برداشت نہیں کی جائے گی۔ اجلاس کے بعد جاری ہونے والے اعلامیے میں کہا گیا کہ صوبائی حکومتوں کے ساتھ مل کر ترقیاتی منصوبوں کو بروقت مکمل کیا جائے گا۔
نیوز
خبرنامہ
34
اسلام آباد (وفاق نیوز) نگران وزیر اعظم نے ملک میں معاشی استحکام کے لیے اہم اقدامات کی منظوری دے دی ہے، اجلاس میں وفاقی وزراء اور اعلیٰ حکام نے شرکت کی اور مختلف امور پر تفصیلی غور کیا گیا۔ اس موقع پر کہا گیا کہ حکومت عوام کو ریلیف دینے کے لیے ہر ممکن اقدامات کرے گی اور مہنگائی پر قابو پانے کے لیے موثر حکمت عملی اپنائی جائے گی۔ ذرائع کے مطابق اجلاس میں توانائی، تعلیم، صحت اور زراعت کے شعبوں کی صورتحال کا جائزہ لیا گیا اور متعلقہ اداروں کو ہدایات جاری کی گئیں کہ وہ عوامی مسائل کے حل کے لیے فوری کارروائی کریں۔ انہوں نے کہا کہ شفافیت اور میرٹ کو یقینی بنایا جائے گا اور کسی قسم کی بدعنوانی برداشت نہیں کی جائے گی۔ اجلاس کے بعد جاری ہونے والے اعلامیے میں کہا گیا کہ صوبائی حکومتوں کے ساتھ مل کر ترقیاتی منصوبوں کو بروقت مکمل کیا جائے گا۔
نیوز
خبرنامہ
35
اسلام آباد (وفاق نیوز) نگران وزیر اعظم نے ملک میں معاشی استحکام کے لیے اہم اقدامات کی منظوری دے دی ہے، اجلاس میں وفاقی وزراء اور اعلیٰ حکام نے شرکت کی اور مختلف امور پر تفصیلی غور کیا گیا۔ اس موقع پر کہا گیا کہ حکومت عوام کو ریلیف دینے کے لیے ہر ممکن اقدامات کرے گی اور مہنگائی پر قابو پانے کے لیے موثر حکمت عملی اپنائی جائے گی۔ ذرائع کے مطابق اجلاس میں توانائی، تعلیم، صحت اور زراعت کے شعبوں کی صورتحال کا جائزہ لیا گیا اور متعلقہ اداروں کو ہدایات جاری کی گئیں کہ وہ عوامی مسائل کے حل کے لیے فوری کارروائی کریں۔ انہوں نے کہا کہ شفافیت اور میرٹ کو یقینی بنایا جائے گا اور کسی قسم کی بدعنوانی برداشت نہیں کی جائے گی۔ اجلاس کے بعد جاری ہونے والے اعلامیے میں کہا گیا کہ صوبائی حکومتوں کے ساتھ مل کر ترقیاتی منصوبوں کو بروقت مکمل کیا جائے گا۔
اسلام آباد (وفاق نیوز) نگران وزیر اعظم نے ملک میں معاشی استحکام کے لیے اہم اقدامات کی منظوری دے دی ہے، اجلاس میں وفاقی وزراء اور اعلیٰ حکام نے شرکت کی اور مختلف امور پر تفصیلی غور کیا گیا۔ اس موقع پر کہا گیا کہ حکومت عوام کو ریلیف دینے کے لیے ہر ممکن اقدامات کرے گی اور مہنگائی پر قابو پانے کے لیے موثر حکمت عملی اپنائی جائے گی۔ ذرائع کے مطابق اجلاس میں توانائی، تعلیم، صحت اور زراعت کے شعبوں کی صورتحال کا جائزہ لیا گیا اور متعلقہ اداروں کو ہدایات جاری کی گئیں کہ وہ عوامی مسائل کے حل کے لیے فوری کارروائی کریں۔ انہوں نے کہا کہ شفافیت اور میرٹ کو یقینی بنایا جائے گا اور کسی قسم کی بدعنوانی برداشت نہیں کی جائے گی۔ اجلاس کے بعد جاری ہونے والے اعلامیے میں کہا گیا کہ صوبائی حکومتوں کے ساتھ مل کر ترقیاتی منصوبوں کو بروقت مکمل کیا جائے گا۔
نیوز
خبرنامہ
36
اسلام آباد (وفاق نیوز) نگران وزیر اعظم نے ملک میں معاشی استحکام کے لیے اہم اقدامات کی منظوری دے دی ہے، اجلاس میں وفاقی وزراء اور اعلیٰ حکام نے شرکت کی اور مختلف امور پر تفصیلی غور کیا گیا۔ اس موقع پر کہا گیا کہ حکومت عوام کو ریلیف دینے کے لیے ہر ممکن اقدامات کرے گی اور مہنگائی پر قابو پانے کے لیے موثر حکمت عملی اپنائی جائے گی۔ ذرائع کے مطابق اجلاس میں توانائی، تعلیم، صحت اور زراعت کے شعبوں کی صورتحال کا جائزہ لیا گیا اور متعلقہ اداروں کو ہدایات جاری کی گئیں کہ وہ عوامی مسائل کے حل کے لیے فوری کارروائی کریں۔ انہوں نے کہا کہ شفافیت اور میرٹ کو یقینی بنایا جائے گا اور کسی قسم کی بدعنوانی برداشت نہیں کی جائے گی۔ اجلاس کے بعد جاری ہونے والے اعلامیے میں کہا گیا کہ صوبائی حکومتوں کے ساتھ مل کر ترقیاتی منصوبوں کو بروقت مکمل کیا جائے گا۔
نیوز
خبرنامہ
37
اسلام آباد (وفاق نیوز) نگران وزیر اعظم نے ملک میں معاشی استحکام کے لیے اہم اقدامات کی منظوری دے دی ہے، اجلاس میں وفاقی وزراء اور اعلیٰ حکام نے شرکت کی اور مختلف امور پر تفصیلی غور کیا گیا۔ اس موقع پر کہا گیا کہ حکومت عوام کو ریلیف دینے کے لیے ہر ممکن اقدامات کرے گی اور مہنگائی پر قابو پانے کے لیے موثر حکمت عملی اپنائی جائے گی۔ ذرائع کے مطابق اجلاس میں توانائی، تعلیم، صحت اور زراعت کے شعبوں کی صورتحال کا جائزہ لیا گیا اور متعلقہ اداروں کو ہدایات جاری کی گئیں کہ وہ عوامی مسائل کے حل کے لیے فوری کارروائی کریں۔ انہوں نے کہا کہ شفافیت اور میرٹ کو یقینی بنایا جائے گا اور کسی قسم کی بدعنوانی برداشت نہیں کی جائے گی۔ اجلاس کے بعد جاری ہونے والے اعلامیے میں کہا گیا کہ صوبائی حکومتوں کے ساتھ مل کر ترقیاتی منصوبوں کو بروقت مکمل کیا جائے گا۔
نیوز
خبرنامہ
38
اسلام آباد (وفاق نیوز) نگران وزیر اعظم نے ملک میں معاشی استحکام کے لیے اہم اقدامات کی منظوری دے دی ہے، اجلاس میں وفاقی وزراء اور اعلیٰ حکام نے شرکت کی اور مختلف امور پر تفصیلی غور کیا گیا۔ اس موقع پر کہا گیا کہ حکومت عوام کو ریلیف دینے کے لیے ہر ممکن اقدامات کرے گی اور مہنگائی پر قابو پانے کے لیے موثر حکمت عملی اپنائی جائے گی۔ ذرائع کے مطابق اجلاس میں توانائی، تعلیم، صحت اور زراعت کے شعبوں کی صورتحال کا جائزہ لیا گیا اور متعلقہ اداروں کو ہدایات جاری کی گئیں کہ وہ عوامی مسائل کے حل کے لیے فوری کارروائی کریں۔ انہوں نے کہا کہ شفافیت اور میرٹ کو یقینی بنایا جائے گا اور کسی قسم کی بدعنوانی برداشت نہیں کی جائے گی۔ اجلاس کے بعد جاری ہونے والے اعلامیے میں کہا گیا کہ صوبائی حکومتوں کے ساتھ مل کر ترقیاتی منصوبوں کو بروقت مکمل کیا جائے گا۔
نیوز
خبرنامہ
39
اسلام آباد (وفاق نیوز) نگران وزیر اعظم نے ملک میں معاشی استحکام کے لیے اہم اقدامات کی منظوری دے دی ہے، اجلاس میں وفاقی وزراء اور اعلیٰ حکام نے شرکت کی اور مختلف امور پر تفصیلی غور کیا گیا۔ اس موقع پر کہا گیا کہ حکومت عوام کو ریلیف دینے کے لیے ہر ممکن اقدامات کرے گی اور مہنگائی پر قابو پانے کے لیے موثر حکمت عملی اپنائی جائے گی۔ ذرائع کے مطابق اجلاس میں توانائی، تعلیم، صحت اور زراعت کے شعبوں کی صورتحال کا جائزہ لیا گیا اور متعلقہ اداروں کو ہدایات جاری کی گئیں کہ وہ عوامی مسائل کے حل کے لیے فوری کارروائی کریں۔ انہوں نے کہا کہ شفافیت اور میرٹ کو یقینی بنایا جائے گا اور کسی قسم کی بدعنوانی برداشت نہیں کی جائے گی۔ اجلاس کے بعد جاری ہونے والے اعلامیے میں کہا گیا کہ صوبائی حکومتوں کے ساتھ مل کر ترقیاتی منصوبوں کو بروقت مکمل کیا جائے گا۔
نیوز
خبرنامہ
40
اسلام آباد (وفاق نیوز) نگران وزیر اعظم نے ملک میں معاشی استحکام کے لیے اہم اقدامات کی منظوری دے دی ہے، اجلاس میں وفاقی وزراء اور اعلیٰ حکام نے شرکت کی اور مختلف امور پر تفصیلی غور کیا گیا۔ اس موقع پر کہا گیا کہ حکومت عوام کو ریلیف دینے کے لیے ہر ممکن اقدامات کرے گی اور مہنگائی پر قابو پانے کے لیے موثر حکمت عملی اپنائی جائے گی۔ ذرائع کے مطابق اجلاس میں توانائی، تعلیم، صحت اور زراعت کے شعبوں کی صورتحال کا جائزہ لیا گیا اور متعلقہ اداروں کو ہدایات جاری کی گئیں کہ وہ عوامی مسائل کے حل کے لیے فوری کارروائی کریں۔ انہوں نے کہا کہ شفافیت اور میرٹ کو یقینی بنایا جائے گا اور کسی قسم کی بدعنوانی برداشت نہیں کی جائے گی۔ اجلاس کے بعد جاری ہونے والے اعلامیے میں کہا گیا کہ صوبائی حکومتوں کے ساتھ مل کر ترقیاتی منصوبوں کو بروقت مکمل کیا جائے گا۔
نیوز
خبرنامہ
41
اسلام آباد (وفاق نیوز) نگران وزیر اعظم نے ملک میں معاشی استحکام کے لیے اہم اقدامات کی منظوری دے دی ہے، اجلاس میں وفاقی وزراء اور اعلیٰ حکام نے شرکت کی اور مختلف امور پر تفصیلی غور کیا گیا۔ اس موقع پر کہا گیا کہ حکومت عوام کو ریلیف دینے کے لیے ہر ممکن اقدامات کرے گی اور مہنگائی پر قابو پانے کے لیے موثر حکمت عملی اپنائی جائے گی۔ ذرائع کے مطابق اجلاس میں توانائی، تعلیم، صحت اور زراعت کے شعبوں کی صورتحال کا جائزہ لیا گیا اور متعلقہ اداروں کو ہدایات جاری کی گئیں کہ وہ عوامی مسائل کے حل کے لیے فوری کارروائی کریں۔ انہوں نے کہا کہ شفافیت اور میرٹ کو یقینی بنایا جائے گا اور کسی قسم کی بدعنوانی برداشت نہیں کی جائے گی۔ اجلاس کے بعد جاری ہونے والے اعلامیے میں کہا گیا کہ صوبائی حکومتوں کے ساتھ مل کر ترقیاتی منصوبوں کو بروقت مکمل کیا جائے گا۔
نیوز
خبرنامہ
42
اسلام آباد (وفاق نیوز) نگران وزیر اعظم نے ملک میں معاشی استحکام کے لیے اہم اقدامات کی منظوری دے دی ہے، اجلاس میں وفاقی وزراء اور اعلیٰ حکام نے شرکت کی اور مختلف امور پر تفصیلی غور کیا گیا۔ اس موقع پر کہا گیا کہ حکومت عوام کو ریلیف دینے کے لیے ہر ممکن اقدامات کرے گی اور مہنگائی پر قابو پانے کے لیے موثر حکمت عملی اپنائی جائے گی۔ ذرائع کے مطابق اجلاس میں توانائی، تعلیم، صحت اور زراعت کے شعبوں کی صورتحال کا جائزہ لیا گیا اور متعلقہ اداروں کو ہدایات جاری کی گئیں کہ وہ عوامی مسائل کے حل کے لیے فوری کارروائی کریں۔ انہوں نے کہا کہ شفافیت اور میرٹ کو یقینی بنایا جائے گا اور کسی قسم کی بدعنوانی برداشت نہیں کی جائے گی۔ اجلاس کے بعد جاری ہونے والے اعلامیے میں کہا گیا کہ صوبائی حکومتوں کے ساتھ مل کر ترقیاتی منصوبوں کو بروقت مکمل کیا جائے گا۔
نیوز
خبرنامہ
43
اسلام آباد (وفاق نیوز) نگران وزیر اعظم نے ملک میں معاشی استحکام کے لیے اہم اقدامات کی منظوری دے دی ہے، اجلاس میں وفاقی وزراء اور اعلیٰ حکام نے شرکت کی اور مختلف امور پر تفصیلی غور کیا گیا۔ اس موقع پر کہا گیا کہ حکومت عوام کو ریلیف دینے کے لیے ہر ممکن اقدامات کرے گی اور مہنگائی پر قابو پانے کے لیے موثر حکمت عملی اپنائی جائے گی۔ ذرائع کے مطابق اجلاس میں توانائی، تعلیم، صحت اور زراعت کے شعبوں کی صورتحال کا جائزہ لیا گیا اور متعلقہ اداروں کو ہدایات جاری کی گئیں کہ وہ عوامی مسائل کے حل کے لیے فوری کارروائی کریں۔ انہوں نے کہا کہ شفافیت اور میرٹ کو یقینی بنایا جائے گا اور کسی قسم کی بدعنوانی برداشت نہیں کی جائے گی۔ اجلاس کے بعد جاری ہونے والے اعلامیے میں کہا گیا کہ صوبائی حکومتوں کے ساتھ مل کر ترقیاتی منصوبوں کو بروقت مکمل کیا جائے گا۔
نیوز
خبرنامہ
44
اسلام آباد (وفاق نیوز) نگران وزیر اعظم نے ملک میں معاشی استحکام کے لیے اہم اقدامات کی منظوری دے دی ہے، اجلاس میں وفاقی وزراء اور اعلیٰ حکام نے شرکت کی اور مختلف امور پر تفصیلی غور کیا گیا۔ اس موقع پر کہا گیا کہ حکومت عوام کو ریلیف دینے کے لیے ہر ممکن اقدامات کرے گی اور مہنگائی پر قابو پانے کے لیے موثر حکمت عملی اپنائی جائے گی۔ ذرائع کے مطابق اجلاس میں توانائی، تعلیم، صحت اور زراعت کے شعبوں کی صورتحال کا جائزہ لیا گیا اور متعلقہ اداروں کو ہدایات جاری کی گئیں کہ وہ عوامی مسائل کے حل کے لیے فوری کارروائی کریں۔ انہوں نے کہا کہ شفافیت اور میرٹ کو یقینی بنایا جائے گا اور کسی قسم کی بدعنوانی برداشت نہیں کی جائے گی۔ اجلاس کے بعد جاری ہونے والے اعلامیے میں کہا گیا کہ صوبائی حکومتوں کے ساتھ مل کر ترقیاتی منصوبوں کو بروقت مکمل کیا جائے گا۔
نیوز
خبرنامہ
45
اسلام آباد (وفاق نیوز) نگران وزیر اعظم نے ملک میں معاشی استحکام کے لیے اہم اقدامات کی منظوری دے دی ہے، اجلاس میں وفاقی وزراء اور اعلیٰ حکام نے شرکت کی اور مختلف امور پر تفصیلی غور کیا گیا۔ اس موقع پر کہا گیا کہ حکومت عوام کو ریلیف دینے کے لیے ہر ممکن اقدامات کرے گی اور مہنگائی پر قابو پانے کے لیے موثر حکمت عملی اپنائی جائے گی۔ ذرائع کے مطابق اجلاس میں توانائی، تعلیم، صحت اور زراعت کے شعبوں کی صورتحال کا جائزہ لیا گیا اور متعلقہ اداروں کو ہدایات جاری کی گئیں کہ وہ عوامی مسائل کے حل کے لیے فوری کارروائی کریں۔ انہوں نے کہا کہ شفافیت اور میرٹ کو یقینی بنایا جائے گا اور کسی قسم کی بدعنوانی برداشت نہیں کی جائے گی۔ اجلاس کے بعد جاری ہونے والے اعلامیے میں کہا گیا کہ صوبائی حکومتوں کے ساتھ مل کر ترقیاتی منصوبوں کو بروقت مکمل کیا جائے گا۔
نیوز
خبرنامہ
46
اسلام آباد (وفاق نیوز) نگران وزیر اعظم نے ملک میں معاشی استحکام کے لیے اہم اقدامات کی منظوری دے دی ہے، اجلاس میں وفاقی وزراء اور اعلیٰ حکام نے شرکت کی اور مختلف امور پر تفصیلی غور کیا گیا۔ اس موقع پر کہا گیا کہ حکومت عوام کو ریلیف دینے کے لیے ہر ممکن اقدامات کرے گی اور مہنگائی پر قابو پانے کے لیے موثر حکمت عملی اپنائی جائے گی۔ ذرائع کے مطابق اجلاس میں توانائی، تعلیم، صحت اور زراعت کے شعبوں کی صورتحال کا جائزہ لیا گیا اور متعلقہ اداروں کو ہدایات جاری کی گئیں کہ وہ عوامی مسائل کے حل کے لیے فوری کارروائی کریں۔ انہوں نے کہا کہ شفافیت اور میرٹ کو یقینی بنایا جائے گا اور کسی قسم کی بدعنوانی برداشت نہیں کی جائے گی۔ اجلاس کے بعد جاری ہونے والے اعلامیے میں کہا گیا کہ صوبائی حکومتوں کے ساتھ مل کر ترقیاتی منصوبوں کو بروقت مکمل کیا جائے گا۔
اسلام آباد (وفاق نیوز) نگران وزیر اعظم نے ملک میں معاشی استحکام کے لیے اہم اقدامات کی منظوری دے دی ہے، اجلاس میں وفاقی وزراء اور اعلیٰ حکام نے شرکت کی اور مختلف امور پر تفصیلی غور کیا گیا۔ اس موقع پر کہا گیا کہ حکومت عوام کو ریلیف دینے کے لیے ہر ممکن اقدامات کرے گی اور مہنگائی پر قابو پانے کے لیے موثر حکمت عملی اپنائی جائے گی۔ ذرائع کے مطابق اجلاس میں توانائی، تعلیم، صحت اور زراعت کے شعبوں کی صورتحال کا جائزہ لیا گیا اور متعلقہ اداروں کو ہدایات جاری کی گئیں کہ وہ عوامی مسائل کے حل کے لیے فوری کارروائی کریں۔ انہوں نے کہا کہ شفافیت اور میرٹ کو یقینی بنایا جائے گا اور کسی قسم کی بدعنوانی برداشت نہیں کی جائے گی۔ اجلاس کے بعد جاری ہونے والے اعلامیے میں کہا گیا کہ صوبائی حکومتوں کے ساتھ مل کر ترقیاتی منصوبوں کو بروقت مکمل کیا جائے گا۔
نیوز
خبرنامہ
47
اسلام آباد (وفاق نیوز) نگران وزیر اعظم نے ملک میں معاشی استحکام کے لیے اہم اقدامات کی منظوری دے دی ہے، اجلاس میں وفاقی وزراء اور اعلیٰ حکام نے شرکت کی اور مختلف امور پر تفصیلی غور کیا گیا۔ اس موقع پر کہا گیا کہ حکومت عوام کو ریلیف دینے کے لیے ہر ممکن اقدامات کرے گی اور مہنگائی پر قابو پانے کے لیے موثر حکمت عملی اپنائی جائے گی۔ ذرائع کے مطابق اجلاس میں توانائی، تعلیم، صحت اور زراعت کے شعبوں کی صورتحال کا جائزہ لیا گیا اور متعلقہ اداروں کو ہدایات جاری کی گئیں کہ وہ عوامی مسائل کے حل کے لیے فوری کارروائی کریں۔ انہوں نے کہا کہ شفافیت اور میرٹ کو یقینی بنایا جائے گا اور کسی قسم کی بدعنوانی برداشت نہیں کی جائے گی۔ اجلاس کے بعد جاری ہونے والے اعلامیے میں کہا گیا کہ صوبائی حکومتوں کے ساتھ مل کر ترقیاتی منصوبوں کو بروقت مکمل کیا جائے گا۔
نیوز
خبرنامہ
48
اسلام آباد (وفاق نیوز) نگران وزیر اعظم نے ملک میں معاشی استحکام کے لیے اہم اقدامات کی منظوری دے دی ہے، اجلاس میں وفاقی وزراء اور اعلیٰ حکام نے شرکت کی اور مختلف امور پر تفصیلی غور کیا گیا۔ اس موقع پر کہا گیا کہ حکومت عوام کو ریلیف دینے کے لیے ہر ممکن اقدامات کرے گی اور مہنگائی پر قابو پانے کے لیے موثر حکمت عملی اپنائی جائے گی۔ ذرائع کے مطابق اجلاس میں توانائی، تعلیم، صحت اور زراعت کے شعبوں کی صورتحال کا جائزہ لیا گیا اور متعلقہ اداروں کو ہدایات جاری کی گئیں کہ وہ عوامی مسائل کے حل کے لیے فوری کارروائی کریں۔ انہوں نے کہا کہ شفافیت اور میرٹ کو یقینی بنایا جائے گا اور کسی قسم کی بدعنوانی برداشت نہیں کی جائے گی۔ اجلاس کے بعد جاری ہونے والے اعلامیے میں کہا گیا کہ صوبائی حکومتوں کے ساتھ مل کر ترقیاتی منصوبوں کو بروقت مکمل کیا جائے گا۔
نیوز
خبرنامہ
49
اسلام آباد (وفاق نیوز) نگران وزیر اعظم نے ملک میں معاشی استحکام کے لیے اہم اقدامات کی منظوری دے دی ہے، اجلاس میں وفاقی وزراء اور اعلیٰ حکام نے شرکت کی اور مختلف امور پر تفصیلی غور کیا گیا۔ اس موقع پر کہا گیا کہ حکومت عوام کو ریلیف دینے کے لیے ہر ممکن اقدامات کرے گی اور مہنگائی پر قابو پانے کے لیے موثر حکمت عملی اپنائی جائے گی۔ ذرائع کے مطابق اجلاس میں توانائی، تعلیم، صحت اور زراعت کے شعبوں کی صورتحال کا جائزہ لیا گیا اور متعلقہ اداروں کو ہدایات جاری کی گئیں کہ وہ عوامی مسائل کے حل کے لیے فوری کارروائی کریں۔ انہوں نے کہا کہ شفافیت اور میرٹ کو یقینی بنایا جائے گا اور کسی قسم کی بدعنوانی برداشت نہیں کی جائے گی۔ اجلاس کے بعد جاری ہونے والے اعلامیے میں کہا گیا کہ صوبائی حکومتوں کے ساتھ مل کر ترقیاتی منصوبوں کو بروقت مکمل کیا جائے گا۔
نیوز
خبرنامہ
50
اسلام آباد (وفاق نیوز) نگران وزیر اعظم نے ملک میں معاشی استحکام کے لیے اہم اقدامات کی منظوری دے دی ہے، اجلاس میں وفاقی وزراء اور اعلیٰ حکام نے شرکت کی اور مختلف امور پر تفصیلی غور کیا گیا۔ اس موقع پر کہا گیا کہ حکومت عوام کو ریلیف دینے کے لیے ہر ممکن اقدامات کرے گی اور مہنگائی پر قابو پانے کے لیے موثر حکمت عملی اپنائی جائے گی۔ ذرائع کے مطابق اجلاس میں توانائی، تعلیم، صحت اور زراعت کے شعبوں کی صورتحال کا جائزہ لیا گیا اور متعلقہ اداروں کو ہدایات جاری کی گئیں کہ وہ عوامی مسائل کے حل کے لیے فوری کارروائی کریں۔ انہوں نے کہا کہ شفافیت اور میرٹ کو یقینی بنایا جائے گا اور کسی قسم کی بدعنوانی برداشت نہیں کی جائے گی۔ اجلاس کے بعد جاری ہونے والے اعلامیے میں کہا گیا کہ صوبائی حکومتوں کے ساتھ مل کر ترقیاتی منصوبوں کو بروقت مکمل کیا جائے گا۔
نیوز
خبرنامہ
51
اسلام آباد (وفاق نیوز) نگران وزیر اعظم نے ملک میں معاشی استحکام کے لیے اہم اقدامات کی منظوری دے دی ہے، اجلاس میں وفاقی وزراء اور اعلیٰ حکام نے شرکت کی اور مختلف امور پر تفصیلی غور کیا گیا۔ اس موقع پر کہا گیا کہ حکومت عوام کو ریلیف دینے کے لیے ہر ممکن اقدامات کرے گی اور مہنگائی پر قابو پانے کے لیے موثر حکمت عملی اپنائی جائے گی۔ ذرائع کے مطابق اجلاس میں توانائی، تعلیم، صحت اور زراعت کے شعبوں کی صورتحال کا جائزہ لیا گیا اور متعلقہ اداروں کو ہدایات جاری کی گئیں کہ وہ عوامی مسائل کے حل کے لیے فوری کارروائی کریں۔ انہوں نے کہا کہ شفافیت اور میرٹ کو یقینی بنایا جائے گا اور کسی قسم کی بدعنوانی برداشت نہیں کی جائے گی۔ اجلاس کے بعد جاری ہونے والے اعلامیے میں کہا گیا کہ صوبائی حکومتوں کے ساتھ مل کر ترقیاتی منصوبوں کو بروقت مکمل کیا جائے گا۔
نیوز
خبرنامہ
52
اسلام آباد (وفاق نیوز) نگران وزیر اعظم نے ملک میں معاشی استحکام کے لیے اہم اقدامات کی منظوری دے دی ہے، اجلاس میں وفاقی وزراء اور اعلیٰ حکام نے شرکت کی اور مختلف امور پر تفصیلی غور کیا گیا۔ اس موقع پر کہا گیا کہ حکومت عوام کو ریلیف دینے کے لیے ہر ممکن اقدامات کرے گی اور مہنگائی پر قابو پانے کے لیے موثر حکمت عملی اپنائی جائے گی۔ ذرائع کے مطابق اجلاس میں توانائی، تعلیم، صحت اور زراعت کے شعبوں کی صورتحال کا جائزہ لیا گیا اور متعلقہ اداروں کو ہدایات جاری کی گئیں کہ وہ عوامی مسائل کے حل کے لیے فوری کارروائی کریں۔ انہوں نے کہا کہ شفافیت اور میرٹ کو یقینی بنایا جائے گا اور کسی قسم کی بدعنوانی برداشت نہیں کی جائے گی۔ اجلاس کے بعد جاری ہونے والے اعلامیے میں کہا گیا کہ صوبائی حکومتوں کے ساتھ مل کر ترقیاتی منصوبوں کو بروقت مکمل کیا جائے گا۔
نیوز
خبرنامہ
53
اسلام آباد (وفاق نیوز) نگران وزیر اعظم نے ملک میں معاشی استحکام کے لیے اہم اقدامات کی منظوری دے دی ہے، اجلاس میں وفاقی وزراء اور اعلیٰ حکام نے شرکت کی اور مختلف امور پر تفصیلی غور کیا گیا۔ اس موقع پر کہا گیا کہ حکومت عوام کو ریلیف دینے کے لیے ہر ممکن اقدامات کرے گی اور مہنگائی پر قابو پانے کے لیے موثر حکمت عملی اپنائی جائے گی۔ ذرائع کے مطابق اجلاس میں توانائی، تعلیم، صحت اور زراعت کے شعبوں کی صورتحال کا جائزہ لیا گیا اور متعلقہ اداروں کو ہدایات جاری کی گئیں کہ وہ عوامی مسائل کے حل کے لیے فوری کارروائی کریں۔ انہوں نے کہا کہ شفافیت اور میرٹ کو یقینی بنایا جائے گا اور کسی قسم کی بدعنوانی برداشت نہیں کی جائے گی۔ اجلاس کے بعد جاری ہونے والے اعلامیے میں کہا گیا کہ صوبائی حکومتوں کے ساتھ مل کر ترقیاتی منصوبوں کو بروقت مکمل کیا جائے گا۔
نیوز
خبرنامہ
54
اسلام آباد (وفاق نیوز) نگران وزیر اعظم نے ملک میں معاشی استحکام کے لیے اہم اقدامات کی منظوری دے دی ہے، اجلاس میں وفاقی وزراء اور اعلیٰ حکام نے شرکت کی اور مختلف امور پر تفصیلی غور کیا گیا۔ اس موقع پر کہا گیا کہ حکومت عوام کو ریلیف دینے کے لیے ہر ممکن اقدامات کرے گی اور مہنگائی پر قابو پانے کے لیے موثر حکمت عملی اپنائی جائے گی۔ ذرائع کے مطابق اجلاس میں توانائی، تعلیم، صحت اور زراعت کے شعبوں کی صورتحال کا جائزہ لیا گیا اور متعلقہ اداروں کو ہدایات جاری کی گئیں کہ وہ عوامی مسائل کے حل کے لیے فوری کارروائی کریں۔ انہوں نے کہا کہ شفافیت اور میرٹ کو یقینی بنایا جائے گا اور کسی قسم کی بدعنوانی برداشت نہیں کی جائے گی۔ اجلاس کے بعد جاری ہونے والے اعلامیے میں کہا گیا کہ صوبائی حکومتوں کے ساتھ مل کر ترقیاتی منصوبوں کو بروقت مکمل کیا جائے گا۔
نیوز
خبرنامہ
55
اسلام آباد (وفاق نیوز) نگران وزیر اعظم نے ملک میں معاشی استحکام کے لیے اہم اقدامات کی منظوری دے دی ہے، اجلاس میں وفاقی وزراء اور اعلیٰ حکام نے شرکت کی اور مختلف امور پر تفصیلی غور کیا گیا۔ اس موقع پر کہا گیا کہ حکومت عوام کو ریلیف دینے کے لیے ہر ممکن اقدامات کرے گی اور مہنگائی پر قابو پانے کے لیے موثر حکمت عملی اپنائی جائے گی۔ ذرائع کے مطابق اجلاس میں توانائی، تعلیم، صحت اور زراعت کے شعبوں کی صورتحال کا جائزہ لیا گیا اور متعلقہ اداروں کو ہدایات جاری کی گئیں کہ وہ عوامی مسائل کے حل کے لیے فوری کارروائی کریں۔ انہوں نے کہا کہ شفافیت اور میرٹ کو یقینی بنایا جائے گا اور کسی قسم کی بدعنوانی برداشت نہیں کی جائے گی۔ اجلاس کے بعد جاری ہونے والے اعلامیے میں کہا گیا کہ صوبائی حکومتوں کے ساتھ مل کر ترقیاتی منصوبوں کو بروقت مکمل کیا جائے گا۔
نیوز
خبرنامہ
56
اسلام آباد (وفاق نیوز) نگران وزیر اعظم نے ملک میں معاشی استحکام کے لیے اہم اقدامات کی منظوری دے دی ہے، اجلاس میں وفاقی وزراء اور اعلیٰ حکام نے شرکت کی اور مختلف امور پر تفصیلی غور کیا گیا۔ اس موقع پر کہا گیا کہ حکومت عوام کو ریلیف دینے کے لیے ہر ممکن اقدامات کرے گی اور مہنگائی پر قابو پانے کے لیے موثر حکمت عملی اپنائی جائے گی۔ ذرائع کے مطابق اجلاس میں توانائی، تعلیم، صحت اور زراعت کے شعبوں کی صورتحال کا جائزہ لیا گیا اور متعلقہ اداروں کو ہدایات جاری کی گئیں کہ وہ عوامی مسائل کے حل کے لیے فوری کارروائی کریں۔ انہوں نے کہا کہ شفافیت اور میرٹ کو یقینی بنایا جائے گا اور کسی قسم کی بدعنوانی برداشت نہیں کی جائے گی۔ اجلاس کے بعد جاری ہونے والے اعلامیے میں کہا گیا کہ صوبائی حکومتوں کے ساتھ مل کر ترقیاتی منصوبوں کو بروقت مکمل کیا جائے گا۔
نیوز
خبرنامہ
57
اسلام آباد (وفاق نیوز) نگران وزیر اعظم نے ملک میں معاشی استحکام کے لیے اہم اقدامات کی منظوری دے دی ہے، اجلاس میں وفاقی وزراء اور اعلیٰ حکام نے شرکت کی اور مختلف امور پر تفصیلی غور کیا گیا۔ اس موقع پر کہا گیا کہ حکومت عوام کو ریلیف دینے کے لیے ہر ممکن اقدامات کرے گی اور مہنگائی پر قابو پانے کے لیے موثر حکمت عملی اپنائی جائے گی۔ ذرائع کے مطابق اجلاس میں توانائی، تعلیم، صحت اور زراعت کے شعبوں کی صورتحال کا جائزہ لیا گیا اور متعلقہ اداروں کو ہدایات جاری کی گئیں کہ وہ عوامی مسائل کے حل کے لیے فوری کارروائی کریں۔ انہوں نے کہا کہ شفافیت اور میرٹ کو یقینی بنایا جائے گا اور کسی قسم کی بدعنوانی برداشت نہیں کی جائے گی۔ اجلاس کے بعد جاری ہونے والے اعلامیے میں کہا گیا کہ صوبائی حکومتوں کے ساتھ مل کر ترقیاتی منصوبوں کو بروقت مکمل کیا جائے گا۔
نیوز
خبرنامہ
58
اسلام آباد (وفاق نیوز) نگران وزیر اعظم نے ملک میں معاشی استحکام کے لیے اہم اقدامات کی منظوری دے دی ہے، اجلاس میں وفاقی وزراء اور اعلیٰ حکام نے شرکت کی اور مختلف امور پر تفصیلی غور کیا گیا۔ اس موقع پر کہا گیا کہ حکومت عوام کو ریلیف دینے کے لیے ہر ممکن اقدامات کرے گی اور مہنگائی پر قابو پانے کے لیے موثر حکمت عملی اپنائی جائے گی۔ ذرائع کے مطابق اجلاس میں توانائی، تعلیم، صحت اور زراعت کے شعبوں کی صورتحال کا جائزہ لیا گیا اور متعلقہ اداروں کو ہدایات جاری کی گئیں کہ وہ عوامی مسائل کے حل کے لیے فوری کارروائی کریں۔ انہوں نے کہا کہ شفافیت اور میرٹ کو یقینی بنایا جائے گا اور کسی قسم کی بدعنوانی برداشت نہیں کی جائے گی۔ اجلاس کے بعد جاری ہونے والے اعلامیے میں کہا گیا کہ صوبائی حکومتوں کے ساتھ مل کر ترقیاتی منصوبوں کو بروقت مکمل کیا جائے گا۔
نیوز
خبرنامہ
59
اسلام آباد (وفاق نیوز) نگران وزیر اعظم نے ملک میں معاشی استحکام کے لیے اہم اقدامات کی منظوری دے دی ہے، اجلاس میں وفاقی وزراء اور اعلیٰ حکام نے شرکت کی اور مختلف امور پر تفصیلی غور کیا گیا۔ اس موقع پر کہا گیا کہ حکومت عوام کو ریلیف دینے کے لیے ہر ممکن اقدامات کرے گی اور مہنگائی پر قابو پانے کے لیے موثر حکمت عملی اپنائی جائے گی۔ ذرائع کے مطابق اجلاس میں توانائی، تعلیم، صحت اور زراعت کے شعبوں کی صورتحال کا جائزہ لیا گیا اور متعلقہ اداروں کو ہدایات جاری کی گئیں کہ وہ عوامی مسائل کے حل کے لیے فوری کارروائی کریں۔ انہوں نے کہا کہ شفافیت اور میرٹ کو یقینی بنایا جائے گا اور کسی قسم کی بدعنوانی برداشت نہیں کی جائے گی۔ اجلاس کے بعد جاری ہونے والے اعلامیے میں کہا گیا کہ صوبائی حکومتوں کے ساتھ مل کر ترقیاتی منصوبوں کو بروقت مکمل کیا جائے گا۔
اسلام آباد (وفاق نیوز) نگران وزیر اعظم نے ملک میں معاشی استحکام کے لیے اہم اقدامات کی منظوری دے دی ہے، اجلاس میں وفاقی وزراء اور اعلیٰ حکام نے شرکت کی اور مختلف امور پر تفصیلی غور کیا گیا۔ اس موقع پر کہا گیا کہ حکومت عوام کو ریلیف دینے کے لیے ہر ممکن اقدامات کرے گی اور مہنگائی پر قابو پانے کے لیے موثر حکمت عملی اپنائی جائے گی۔ ذرائع کے مطابق اجلاس میں توانائی، تعلیم، صحت اور زراعت کے شعبوں کی صورتحال کا جائزہ لیا گیا اور متعلقہ اداروں کو ہدایات جاری کی گئیں کہ وہ عوامی مسائل کے حل کے لیے فوری کارروائی کریں۔ انہوں نے کہا کہ شفافیت اور میرٹ کو یقینی بنایا جائے گا اور کسی قسم کی بدعنوانی برداشت نہیں کی جائے گی۔ اجلاس کے بعد جاری ہونے والے اعلامیے میں کہا گیا کہ صوبائی حکومتوں کے ساتھ مل کر ترقیاتی منصوبوں کو بروقت مکمل کیا جائے گا۔
نیوز
خبرنامہ
60
اسلام آباد (وفاق نیوز) نگران وزیر اعظم نے ملک میں معاشی استحکام کے لیے اہم اقدامات کی منظوری دے دی ہے، اجلاس میں وفاقی وزراء اور اعلیٰ حکام نے شرکت کی اور مختلف امور پر تفصیلی غور کیا گیا۔ اس موقع پر کہا گیا کہ حکومت عوام کو ریلیف دینے کے لیے ہر ممکن اقدامات کرے گی اور مہنگائی پر قابو پانے کے لیے موثر حکمت عملی اپنائی جائے گی۔ ذرائع کے مطابق اجلاس میں توانائی، تعلیم، صحت اور زراعت کے شعبوں کی صورتحال کا جائزہ لیا گیا اور متعلقہ اداروں کو ہدایات جاری کی گئیں کہ وہ عوامی مسائل کے حل کے لیے فوری کارروائی کریں۔ انہوں نے کہا کہ شفافیت اور میرٹ کو یقینی بنایا جائے گا اور کسی قسم کی بدعنوانی برداشت نہیں کی جائے گی۔ اجلاس کے بعد جاری ہونے والے اعلامیے میں کہا گیا کہ صوبائی حکومتوں کے ساتھ مل کر ترقیاتی منصوبوں کو بروقت مکمل کیا جائے گا۔
نیوز
خبرنامہ
61
اسلام آباد (وفاق نیوز) نگران وزیر اعظم نے ملک میں معاشی استحکام کے لیے اہم اقدامات کی منظوری دے دی ہے، اجلاس میں وفاقی وزراء اور اعلیٰ حکام نے شرکت کی اور مختلف امور پر تفصیلی غور کیا گیا۔ اس موقع پر کہا گیا کہ حکومت عوام کو ریلیف دینے کے لیے ہر ممکن اقدامات کرے گی اور مہنگائی پر قابو پانے کے لیے موثر حکمت عملی اپنائی جائے گی۔ ذرائع کے مطابق اجلاس میں توانائی، تعلیم، صحت اور زراعت کے شعبوں کی صورتحال کا جائزہ لیا گیا اور متعلقہ اداروں کو ہدایات جاری کی گئیں کہ وہ عوامی مسائل کے حل کے لیے فوری کارروائی کریں۔ انہوں نے کہا کہ شفافیت اور میرٹ کو یقینی بنایا جائے گا اور کسی قسم کی بدعنوانی برداشت نہیں کی جائے گی۔ اجلاس کے بعد جاری ہونے والے اعلامیے میں کہا گیا کہ صوبائی حکومتوں کے ساتھ مل کر ترقیاتی منصوبوں کو بروقت مکمل کیا جائے گا۔
نیوز
خبرنامہ
62
اسلام آباد (وفاق نیوز) نگران وزیر اعظم نے ملک میں معاشی استحکام کے لیے اہم اقدامات کی منظوری دے دی ہے، اجلاس میں وفاقی وزراء اور اعلیٰ حکام نے شرکت کی اور مختلف امور پر تفصیلی غور کیا گیا۔ اس موقع پر کہا گیا کہ حکومت عوام کو ریلیف دینے کے لیے ہر ممکن اقدامات کرے گی اور مہنگائی پر قابو پانے کے لیے موثر حکمت عملی اپنائی جائے گی۔ ذرائع کے مطابق اجلاس میں توانائی، تعلیم، صحت اور زراعت کے شعبوں کی صورتحال کا جائزہ لیا گیا اور متعلقہ اداروں کو ہدایات جاری کی گئیں کہ وہ عوامی مسائل کے حل کے لیے فوری کارروائی کریں۔ انہوں نے کہا کہ شفافیت اور میرٹ کو یقینی بنایا جائے گا اور کسی قسم کی بدعنوانی برداشت نہیں کی جائے گی۔ اجلاس کے بعد جاری ہونے والے اعلامیے میں کہا گیا کہ صوبائی حکومتوں کے ساتھ مل کر ترقیاتی منصوبوں کو بروقت مکمل کیا جائے گا۔
نیوز
خبرنامہ
63
اسلام آباد (وفاق نیوز) نگران وزیر اعظم نے ملک میں معاشی استحکام کے لیے اہم اقدامات کی منظوری دے دی ہے، اجلاس میں وفاقی وزراء اور اعلیٰ حکام نے شرکت کی اور مختلف امور پر تفصیلی غور کیا گیا۔ اس موقع پر کہا گیا کہ حکومت عوام کو ریلیف دینے کے لیے ہر ممکن اقدامات کرے گی اور مہنگائی پر قابو پانے کے لیے موثر حکمت عملی اپنائی جائے گی۔ ذرائع کے مطابق اجلاس میں توانائی، تعلیم، صحت اور زراعت کے شعبوں کی صورتحال کا جائزہ لیا گیا اور متعلقہ اداروں کو ہدایات جاری کی گئیں کہ وہ عوامی مسائل کے حل کے لیے فوری کارروائی کریں۔ انہوں نے کہا کہ شفافیت اور میرٹ کو یقینی بنایا جائے گا اور کسی قسم کی بدعنوانی برداشت نہیں کی جائے گی۔ اجلاس کے بعد جاری ہونے والے اعلامیے میں کہا گیا کہ صوبائی حکومتوں کے ساتھ مل کر ترقیاتی منصوبوں کو بروقت مکمل کیا جائے گا۔
نیوز
خبرنامہ
64
اسلام آباد (وفاق نیوز) نگران وزیر اعظم نے ملک میں معاشی استحکام کے لیے اہم اقدامات کی منظوری دے دی ہے، اجلاس میں وفاقی وزراء اور اعلیٰ حکام نے شرکت کی اور مختلف امور پر تفصیلی غور کیا گیا۔ اس موقع پر کہا گیا کہ حکومت عوام کو ریلیف دینے کے لیے ہر ممکن اقدامات کرے گی اور مہنگائی پر قابو پانے کے لیے موثر حکمت عملی اپنائی جائے گی۔ ذرائع کے مطابق اجلاس میں توانائی، تعلیم، صحت اور زراعت کے شعبوں کی صورتحال کا جائزہ لیا گیا اور متعلقہ اداروں کو ہدایات جاری کی گئیں کہ وہ عوامی مسائل کے حل کے لیے فوری کارروائی کریں۔ انہوں نے کہا کہ شفافیت اور میرٹ کو یقینی بنایا جائے گا اور کسی قسم کی بدعنوانی برداشت نہیں کی جائے گی۔ اجلاس کے بعد جاری ہونے والے اعلامیے میں کہا گیا کہ صوبائی حکومتوں کے ساتھ مل کر ترقیاتی منصوبوں کو بروقت مکمل کیا جائے گا۔
اسلام آباد (وفاق نیوز) نگران وزیر اعظم نے ملک میں معاشی استحکام کے لیے اہم اقدامات کی منظوری دے دی ہے، اجلاس میں وفاقی وزراء اور اعلیٰ حکام نے شرکت کی اور مختلف امور پر تفصیلی غور کیا گیا۔ اس موقع پر کہا گیا کہ حکومت عوام کو ریلیف دینے کے لیے ہر ممکن اقدامات کرے گی اور مہنگائی پر قابو پانے کے لیے موثر حکمت عملی اپنائی جائے گی۔ ذرائع کے مطابق اجلاس میں توانائی، تعلیم، صحت اور زراعت کے شعبوں کی صورتحال کا جائزہ لیا گیا اور متعلقہ اداروں کو ہدایات جاری کی گئیں کہ وہ عوامی مسائل کے حل کے لیے فوری کارروائی کریں۔ انہوں نے کہا کہ شفافیت اور میرٹ کو یقینی بنایا جائے گا اور کسی قسم کی بدعنوانی برداشت نہیں کی جائے گی۔ اجلاس کے بعد جاری ہونے والے اعلامیے میں کہا گیا کہ صوبائی حکومتوں کے ساتھ مل کر ترقیاتی منصوبوں کو بروقت مکمل کیا جائے گا۔
